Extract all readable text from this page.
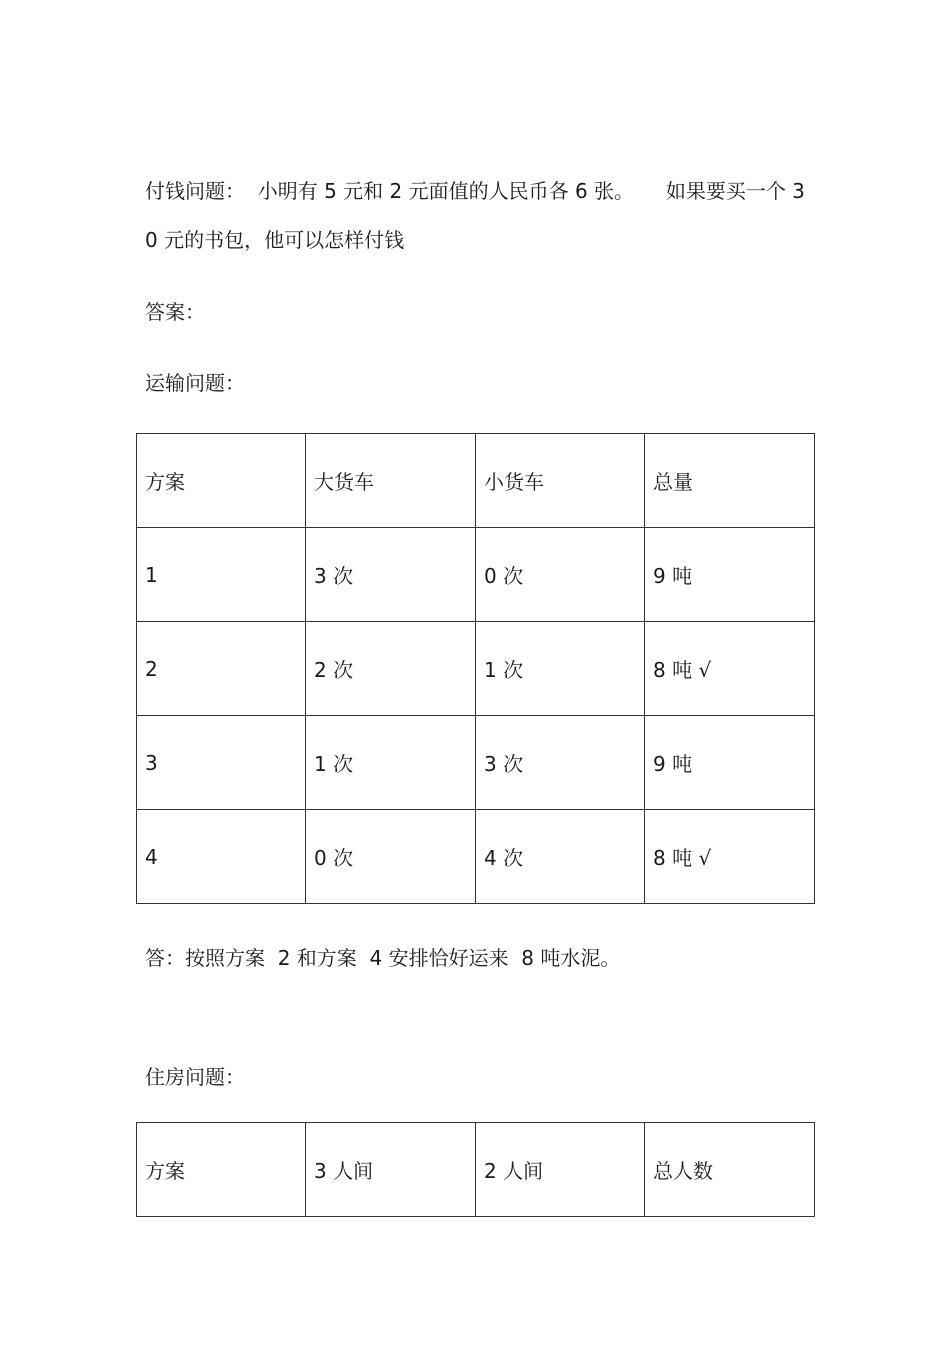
付钱问题：  小明有 5 元和 2 元面值的人民币各 6 张。     如果要买一个 3
0 元的书包，他可以怎样付钱
答案：
运输问题：
方案	大货车	小货车	总量
1	3 次	0 次	9 吨
2	2 次	1 次	8 吨 √
3	1 次	3 次	9 吨
4	0 次	4 次	8 吨 √
答：按照方案  2 和方案  4 安排恰好运来  8 吨水泥。
住房问题：
方案	3 人间	2 人间	总人数
